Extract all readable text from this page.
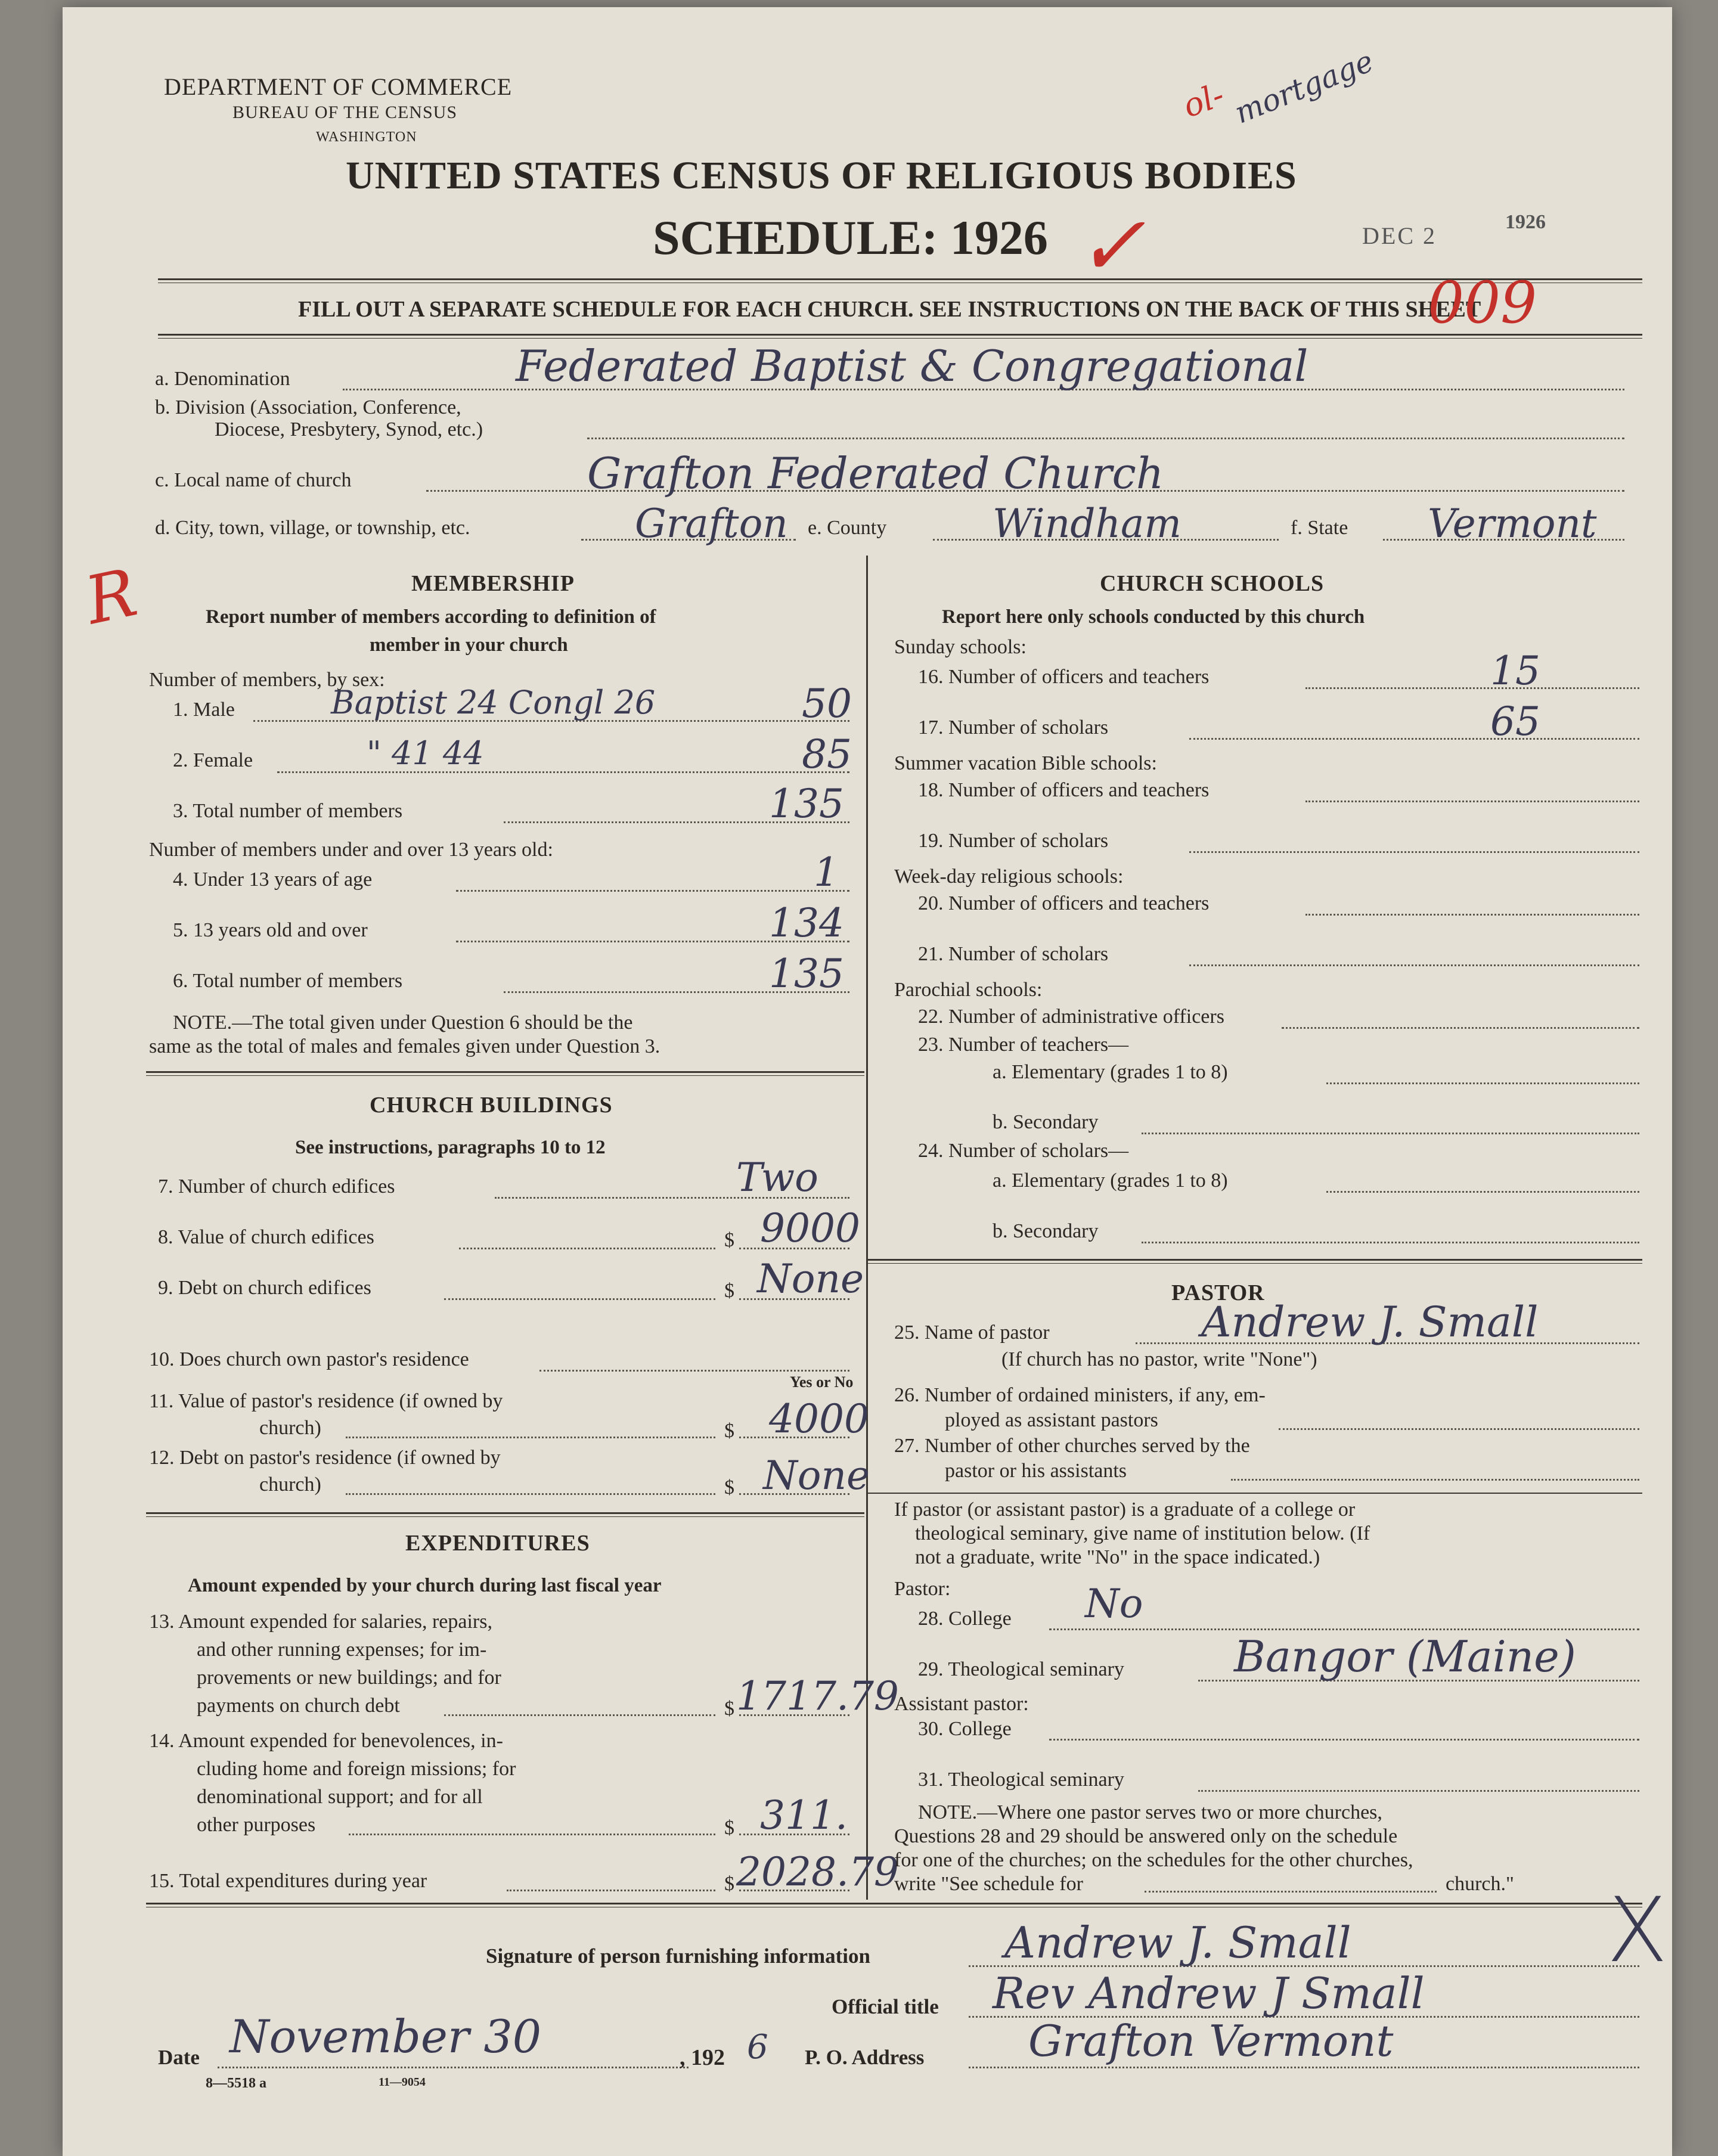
DEPARTMENT OF COMMERCE
BUREAU OF THE CENSUS
WASHINGTON
UNITED STATES CENSUS OF RELIGIOUS BODIES
SCHEDULE: 1926 ✓
ol- mortgage
DEC 2
1926
FILL OUT A SEPARATE SCHEDULE FOR EACH CHURCH. SEE INSTRUCTIONS ON THE BACK OF THIS SHEET
009
a. Denomination	Federated Baptist & Congregational
b. Division (Association, Conference,
Diocese, Presbytery, Synod, etc.)
c. Local name of church	Grafton Federated Church
d. City, town, village, or township, etc.	Grafton e. County	Windham	f. State Vermont
R	MEMBERSHIP
Report number of members according to definition of
member in your church
Number of members, by sex:
1. Male	Baptist 24 Congl 26	50
2. Female	" 41 44	85
3. Total number of members	135
Number of members under and over 13 years old:
4. Under 13 years of age	1
5. 13 years old and over	134
6. Total number of members	135
NOTE.—The total given under Question 6 should be the
same as the total of males and females given under Question 3.
CHURCH BUILDINGS
See instructions, paragraphs 10 to 12
7. Number of church edifices	Two
8. Value of church edifices	$ 9000
9. Debt on church edifices	$ None
10. Does church own pastor's residence
Yes or No
11. Value of pastor's residence (if owned by
church)	$ 4000
12. Debt on pastor's residence (if owned by
church)	$ None
EXPENDITURES
Amount expended by your church during last fiscal year
13. Amount expended for salaries, repairs,
and other running expenses; for im-
provements or new buildings; and for
payments on church debt	$ 1717.79
14. Amount expended for benevolences, in-
cluding home and foreign missions; for
denominational support; and for all
other purposes	$ 311.
15. Total expenditures during year	$ 2028.79
CHURCH SCHOOLS
Report here only schools conducted by this church
Sunday schools:
16. Number of officers and teachers	15
17. Number of scholars	65
Summer vacation Bible schools:
18. Number of officers and teachers
19. Number of scholars
Week-day religious schools:
20. Number of officers and teachers
21. Number of scholars
Parochial schools:
22. Number of administrative officers
23. Number of teachers—
a. Elementary (grades 1 to 8)
b. Secondary
24. Number of scholars—
a. Elementary (grades 1 to 8)
b. Secondary
PASTOR
25. Name of pastor	Andrew J. Small
(If church has no pastor, write "None")
26. Number of ordained ministers, if any, em-
ployed as assistant pastors
27. Number of other churches served by the
pastor or his assistants
If pastor (or assistant pastor) is a graduate of a college or
theological seminary, give name of institution below. (If
not a graduate, write "No" in the space indicated.)
Pastor:
28. College No
29. Theological seminary	Bangor (Maine)
Assistant pastor:
30. College
31. Theological seminary
NOTE.—Where one pastor serves two or more churches,
Questions 28 and 29 should be answered only on the schedule
for one of the churches; on the schedules for the other churches,
write "See schedule for	church."
Signature of person furnishing information	Andrew J. Small	X
Official title Rev Andrew J Small
Date November 30	, 192 6 P. O. Address Grafton Vermont
8—5518 a	11—9054
